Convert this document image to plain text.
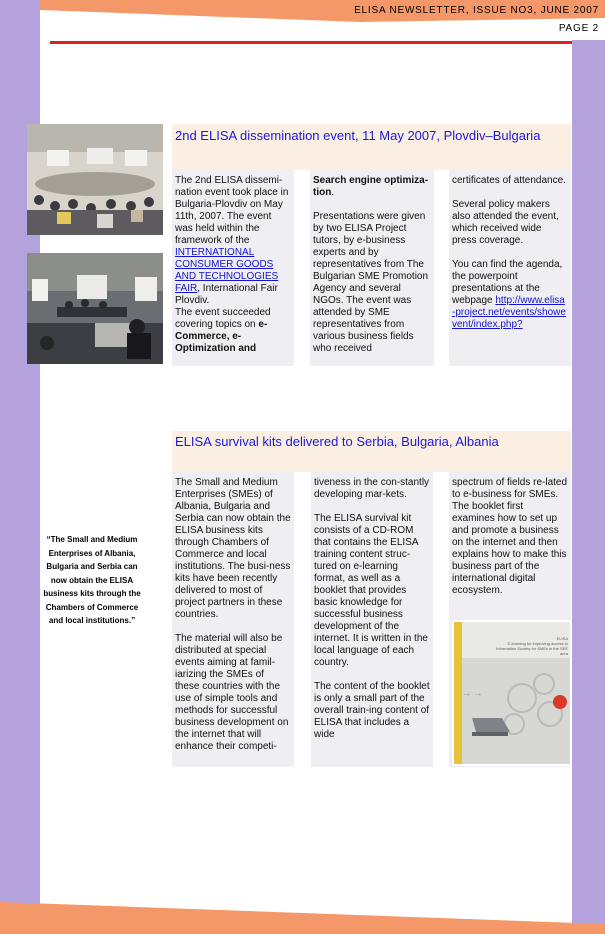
ELISA NEWSLETTER, ISSUE NO3, JUNE 2007
PAGE 2
2nd ELISA dissemination event, 11 May 2007, Plovdiv–Bulgaria

The 2nd ELISA dissemi-nation event took place in Bulgaria-Plovdiv on May 11th, 2007. The event was held within the framework of the INTERNATIONAL CONSUMER GOODS AND TECHNOLOGIES FAIR, International Fair Plovdiv.
The event succeeded covering topics on e-Commerce, e-Optimization and

Search engine optimiza-tion.

Presentations were given by two ELISA Project tutors, by e-business experts and by representatives from The Bulgarian SME Promotion Agency and several NGOs. The event was attended by SME representatives from various business fields who received

certificates of attendance.

Several policy makers also attended the event, which received wide press coverage.

You can find the agenda, the powerpoint presentations at the webpage http://www.elisa-project.net/events/showevent/index.php?

ELISA survival kits delivered to Serbia, Bulgaria, Albania
“The Small and Medium Enterprises of Albania, Bulgaria and Serbia can now obtain the ELISA business kits through the Chambers of Commerce and local institutions.”

The Small and Medium Enterprises (SMEs) of Albania, Bulgaria and Serbia can now obtain the ELISA business kits through Chambers of Commerce and local institutions. The busi-ness kits have been recently delivered to most of project partners in these countries.

The material will also be distributed at special events aiming at famil-iarizing the SMEs of these countries with the use of simple tools and methods for successful business development on the internet that will enhance their competi-

tiveness in the con-stantly developing mar-kets.

The ELISA survival kit consists of a CD-ROM that contains the ELISA training content struc-tured on e-learning format, as well as a booklet that provides basic knowledge for successful business development of the internet. It is written in the local language of each country.

The content of the booklet is only a small part of the overall train-ing content of ELISA that includes a wide

spectrum of fields re-lated to e-business for SMEs. The booklet first examines how to set up and promote a business on the internet and then explains how to make this business part of the international digital ecosystem.

→ →
ELISA
E-learning for improving access to Information Society for SMEs in the SEE area
